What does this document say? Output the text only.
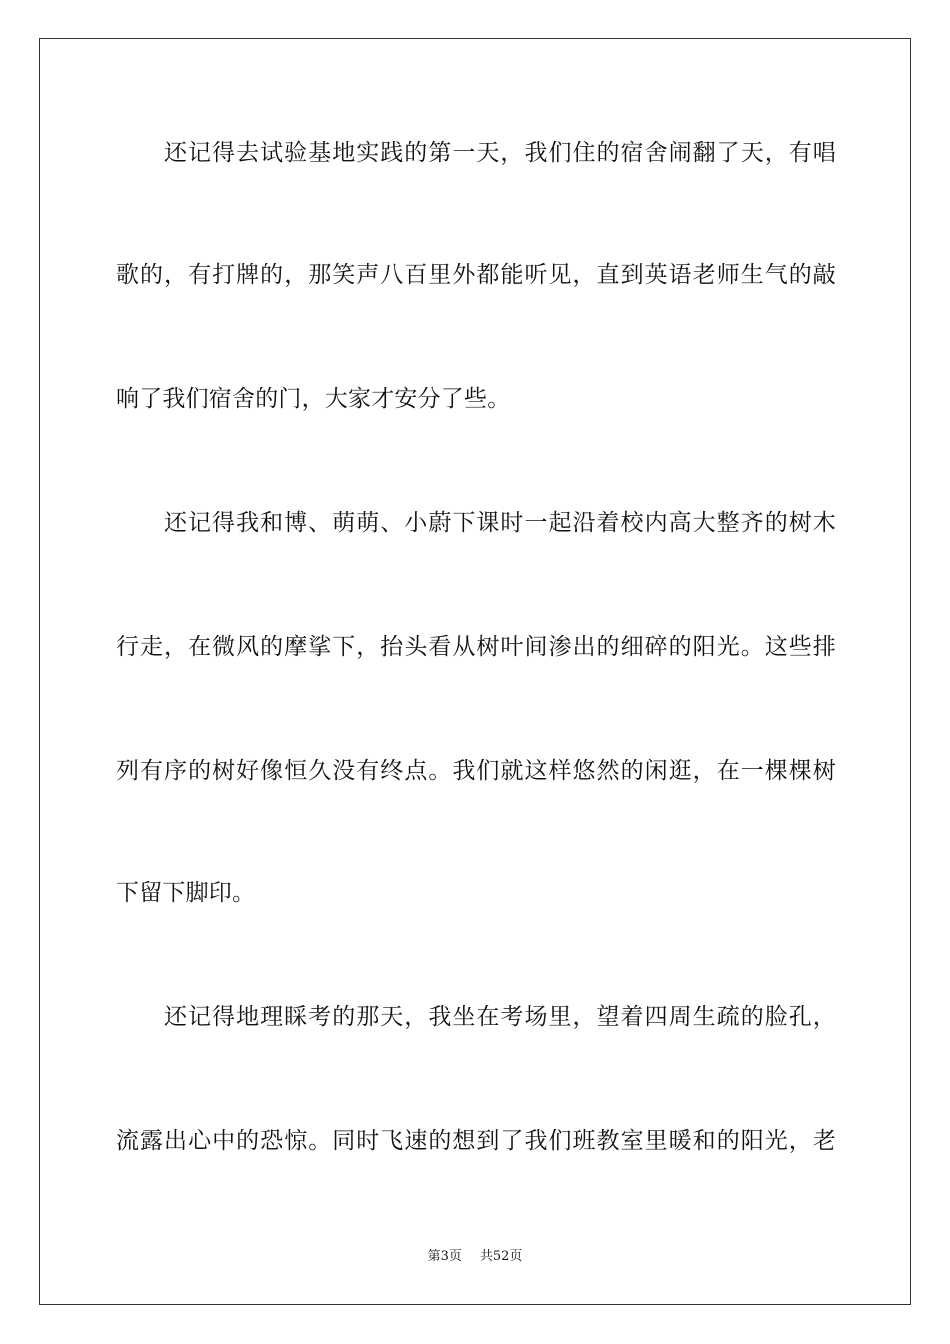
还记得去试验基地实践的第一天，我们住的宿舍闹翻了天，有唱
歌的，有打牌的，那笑声八百里外都能听见，直到英语老师生气的敲
响了我们宿舍的门，大家才安分了些。
还记得我和博、萌萌、小蔚下课时一起沿着校内高大整齐的树木
行走，在微风的摩挲下，抬头看从树叶间渗出的细碎的阳光。这些排
列有序的树好像恒久没有终点。我们就这样悠然的闲逛，在一棵棵树
下留下脚印。
还记得地理睬考的那天，我坐在考场里，望着四周生疏的脸孔，
流露出心中的恐惊。同时飞速的想到了我们班教室里暖和的阳光，老
第3页 共52页
